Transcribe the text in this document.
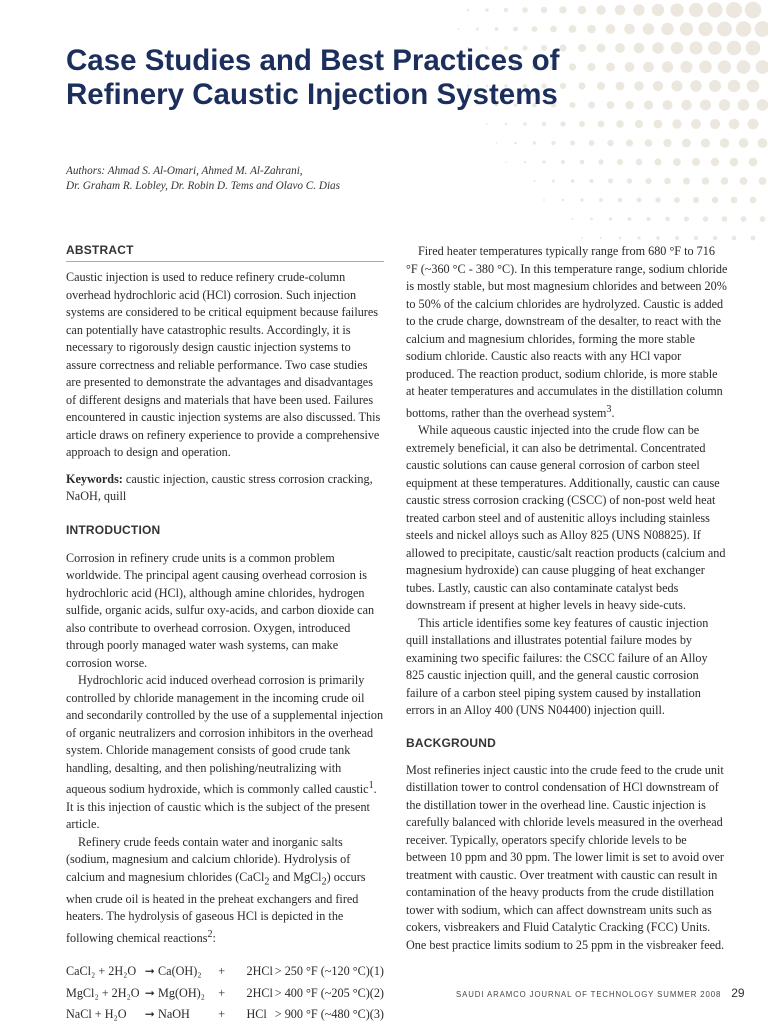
Case Studies and Best Practices of
Refinery Caustic Injection Systems
Authors: Ahmad S. Al-Omari, Ahmed M. Al-Zahrani,
Dr. Graham R. Lobley, Dr. Robin D. Tems and Olavo C. Dias
ABSTRACT

Caustic injection is used to reduce refinery crude-column overhead hydrochloric acid (HCl) corrosion. Such injection systems are considered to be critical equipment because failures can potentially have catastrophic results. Accordingly, it is necessary to rigorously design caustic injection systems to assure correctness and reliable performance. Two case studies are presented to demonstrate the advantages and disadvantages of different designs and materials that have been used. Failures encountered in caustic injection systems are also discussed. This article draws on refinery experience to provide a comprehensive approach to design and operation.

Keywords: caustic injection, caustic stress corrosion cracking, NaOH, quill

INTRODUCTION

Corrosion in refinery crude units is a common problem worldwide. The principal agent causing overhead corrosion is hydrochloric acid (HCl), although amine chlorides, hydrogen sulfide, organic acids, sulfur oxy-acids, and carbon dioxide can also contribute to overhead corrosion. Oxygen, introduced through poorly managed water wash systems, can make corrosion worse.

Hydrochloric acid induced overhead corrosion is primarily controlled by chloride management in the incoming crude oil and secondarily controlled by the use of a supplemental injection of organic neutralizers and corrosion inhibitors in the overhead system. Chloride management consists of good crude tank handling, desalting, and then polishing/neutralizing with aqueous sodium hydroxide, which is commonly called caustic$^1$. It is this injection of caustic which is the subject of the present article.

Refinery crude feeds contain water and inorganic salts (sodium, magnesium and calcium chloride). Hydrolysis of calcium and magnesium chlorides (CaCl$_2$ and MgCl$_2$) occurs when crude oil is heated in the preheat exchangers and fired heaters. The hydrolysis of gaseous HCl is depicted in the following chemical reactions$^2$:

CaCl₂ + 2H₂O ➞ Ca(OH)₂	+	2HCl > 250 °F (~120 °C) (1)
MgCl₂ + 2H₂O ➞ Mg(OH)₂	+	2HCl > 400 °F (~205 °C) (2)
NaCl + H₂O	➞ NaOH	+	HCl > 900 °F (~480 °C) (3)

Fired heater temperatures typically range from 680 °F to 716 °F (~360 °C - 380 °C). In this temperature range, sodium chloride is mostly stable, but most magnesium chlorides and between 20% to 50% of the calcium chlorides are hydrolyzed. Caustic is added to the crude charge, downstream of the desalter, to react with the calcium and magnesium chlorides, forming the more stable sodium chloride. Caustic also reacts with any HCl vapor produced. The reaction product, sodium chloride, is more stable at heater temperatures and accumulates in the distillation column bottoms, rather than the overhead system$^3$.

While aqueous caustic injected into the crude flow can be extremely beneficial, it can also be detrimental. Concentrated caustic solutions can cause general corrosion of carbon steel equipment at these temperatures. Additionally, caustic can cause caustic stress corrosion cracking (CSCC) of non-post weld heat treated carbon steel and of austenitic alloys including stainless steels and nickel alloys such as Alloy 825 (UNS N08825). If allowed to precipitate, caustic/salt reaction products (calcium and magnesium hydroxide) can cause plugging of heat exchanger tubes. Lastly, caustic can also contaminate catalyst beds downstream if present at higher levels in heavy side-cuts.

This article identifies some key features of caustic injection quill installations and illustrates potential failure modes by examining two specific failures: the CSCC failure of an Alloy 825 caustic injection quill, and the general caustic corrosion failure of a carbon steel piping system caused by installation errors in an Alloy 400 (UNS N04400) injection quill.

BACKGROUND

Most refineries inject caustic into the crude feed to the crude unit distillation tower to control condensation of HCl downstream of the distillation tower in the overhead line. Caustic injection is carefully balanced with chloride levels measured in the overhead receiver. Typically, operators specify chloride levels to be between 10 ppm and 30 ppm. The lower limit is set to avoid over treatment with caustic. Over treatment with caustic can result in contamination of the heavy products from the crude distillation tower with sodium, which can affect downstream units such as cokers, visbreakers and Fluid Catalytic Cracking (FCC) Units. One best practice limits sodium to 25 ppm in the visbreaker feed.

SAUDI ARAMCO JOURNAL OF TECHNOLOGY SUMMER 2008 29
